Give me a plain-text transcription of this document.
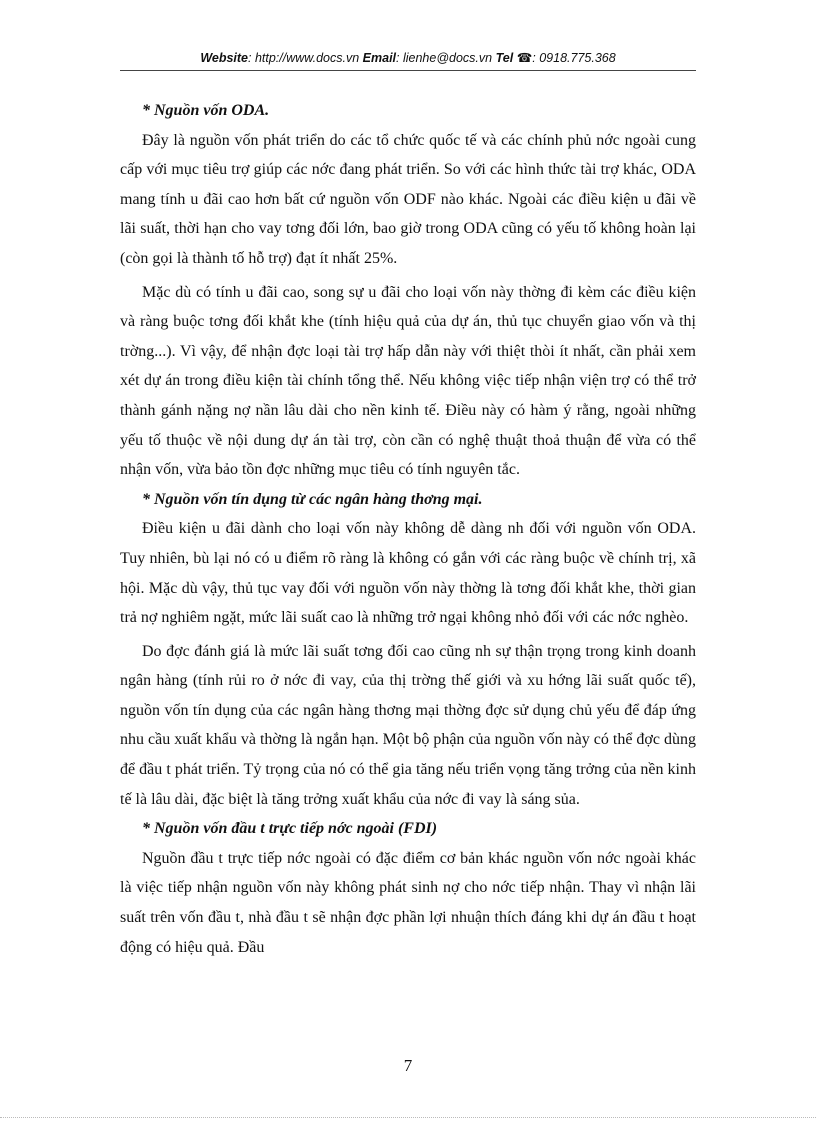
Website: http://www.docs.vn Email: lienhe@docs.vn Tel ☎: 0918.775.368

* Nguồn vốn ODA.

Đây là nguồn vốn phát triển do các tổ chức quốc tế và các chính phủ nớc ngoài cung cấp với mục tiêu trợ giúp các nớc đang phát triển. So với các hình thức tài trợ khác, ODA mang tính u đãi cao hơn bất cứ nguồn vốn ODF nào khác. Ngoài các điều kiện u đãi về lãi suất, thời hạn cho vay tơng đối lớn, bao giờ trong ODA cũng có yếu tố không hoàn lại (còn gọi là thành tố hỗ trợ) đạt ít nhất 25%.

Mặc dù có tính u đãi cao, song sự u đãi cho loại vốn này thờng đi kèm các điều kiện và ràng buộc tơng đối khắt khe (tính hiệu quả của dự án, thủ tục chuyển giao vốn và thị trờng...). Vì vậy, để nhận đợc loại tài trợ hấp dẫn này với thiệt thòi ít nhất, cần phải xem xét dự án trong điều kiện tài chính tổng thể. Nếu không việc tiếp nhận viện trợ có thể trở thành gánh nặng nợ nần lâu dài cho nền kinh tế. Điều này có hàm ý rằng, ngoài những yếu tố thuộc về nội dung dự án tài trợ, còn cần có nghệ thuật thoả thuận để vừa có thể nhận vốn, vừa bảo tồn đợc những mục tiêu có tính nguyên tắc.

* Nguồn vốn tín dụng từ các ngân hàng thơng mại.

Điều kiện u đãi dành cho loại vốn này không dễ dàng nh đối với nguồn vốn ODA. Tuy nhiên, bù lại nó có u điểm rõ ràng là không có gắn với các ràng buộc về chính trị, xã hội. Mặc dù vậy, thủ tục vay đối với nguồn vốn này thờng là tơng đối khắt khe, thời gian trả nợ nghiêm ngặt, mức lãi suất cao là những trở ngại không nhỏ đối với các nớc nghèo.

Do đợc đánh giá là mức lãi suất tơng đối cao cũng nh sự thận trọng trong kinh doanh ngân hàng (tính rủi ro ở nớc đi vay, của thị trờng thế giới và xu hớng lãi suất quốc tế), nguồn vốn tín dụng của các ngân hàng thơng mại thờng đợc sử dụng chủ yếu để đáp ứng nhu cầu xuất khẩu và thờng là ngắn hạn. Một bộ phận của nguồn vốn này có thể đợc dùng để đầu t phát triển. Tỷ trọng của nó có thể gia tăng nếu triển vọng tăng trởng của nền kinh tế là lâu dài, đặc biệt là tăng trởng xuất khẩu của nớc đi vay là sáng sủa.

* Nguồn vốn đầu t trực tiếp nớc ngoài (FDI)

Nguồn đầu t trực tiếp nớc ngoài có đặc điểm cơ bản khác nguồn vốn nớc ngoài khác là việc tiếp nhận nguồn vốn này không phát sinh nợ cho nớc tiếp nhận. Thay vì nhận lãi suất trên vốn đầu t, nhà đầu t sẽ nhận đợc phần lợi nhuận thích đáng khi dự án đầu t hoạt động có hiệu quả. Đầu

7
